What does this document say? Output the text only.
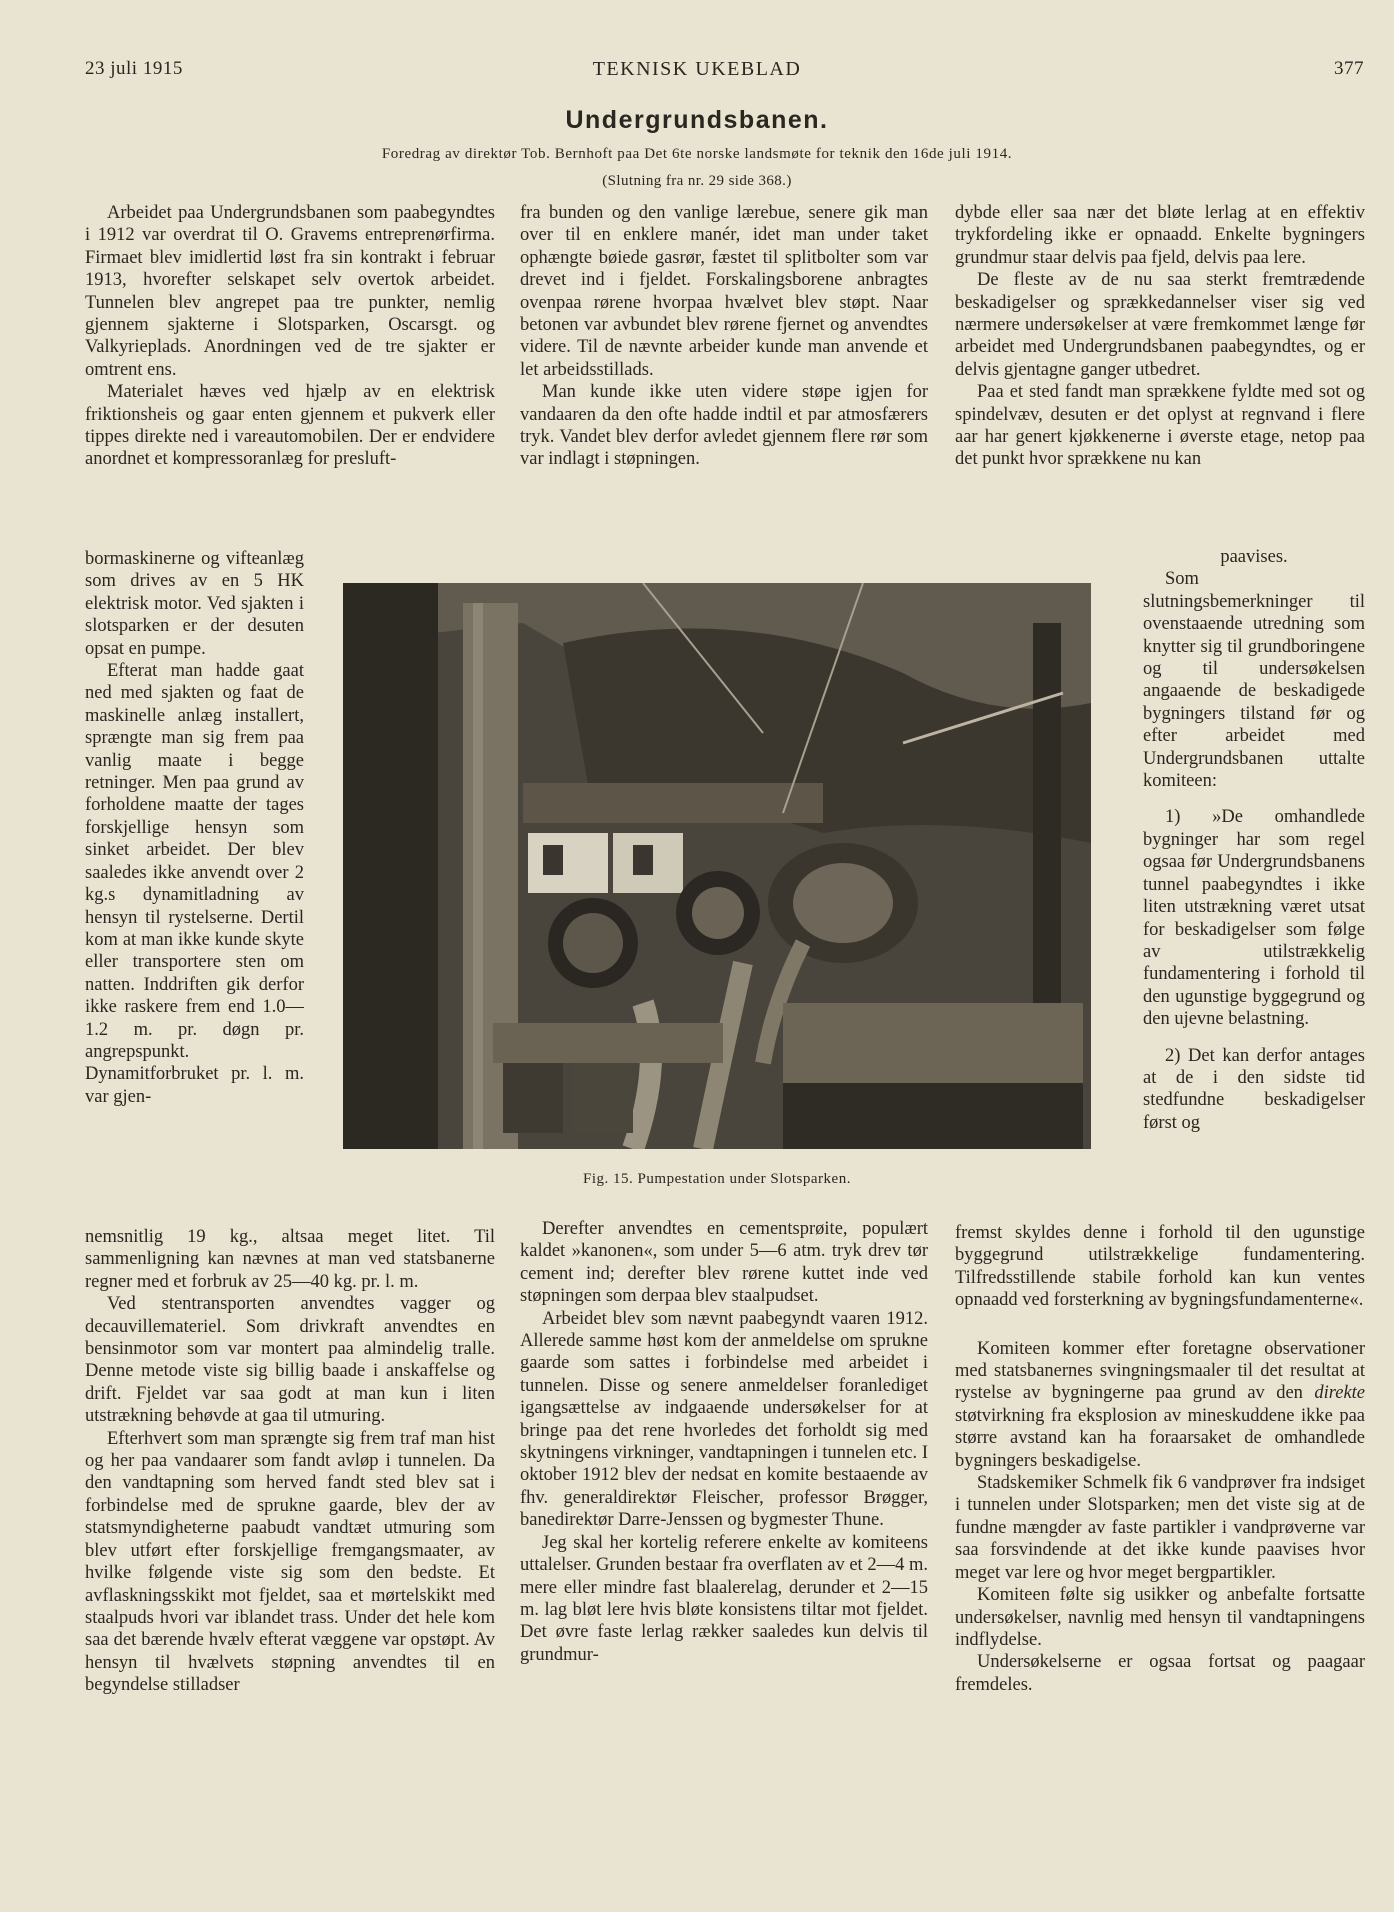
23 juli 1915	TEKNISK UKEBLAD	377
Undergrundsbanen.
Foredrag av direktør Tob. Bernhoft paa Det 6te norske landsmøte for teknik den 16de juli 1914.
(Slutning fra nr. 29 side 368.)

Arbeidet paa Undergrundsbanen som paabegyndtes i 1912 var overdrat til O. Gravems entreprenørfirma. Firmaet blev imidlertid løst fra sin kontrakt i februar 1913, hvorefter selskapet selv overtok arbeidet. Tunnelen blev angrepet paa tre punkter, nemlig gjennem sjakterne i Slotsparken, Oscarsgt. og Valkyrieplads. Anordningen ved de tre sjakter er omtrent ens.

Materialet hæves ved hjælp av en elektrisk friktionsheis og gaar enten gjennem et pukverk eller tippes direkte ned i vareautomobilen. Der er endvidere anordnet et kompressoranlæg for presluft-

bormaskinerne og vifteanlæg som drives av en 5 HK elektrisk motor. Ved sjakten i slotsparken er der desuten opsat en pumpe.

Efterat man hadde gaat ned med sjakten og faat de maskinelle anlæg installert, sprængte man sig frem paa vanlig maate i begge retninger. Men paa grund av forholdene maatte der tages forskjellige hensyn som sinket arbeidet. Der blev saaledes ikke anvendt over 2 kg.s dynamitladning av hensyn til rystelserne. Dertil kom at man ikke kunde skyte eller transportere sten om natten. Inddriften gik derfor ikke raskere frem end 1.0—1.2 m. pr. døgn pr. angrepspunkt. Dynamitforbruket pr. l. m. var gjen-

nemsnitlig 19 kg., altsaa meget litet. Til sammenligning kan nævnes at man ved statsbanerne regner med et forbruk av 25—40 kg. pr. l. m.

Ved stentransporten anvendtes vagger og decauvillemateriel. Som drivkraft anvendtes en bensinmotor som var montert paa almindelig tralle. Denne metode viste sig billig baade i anskaffelse og drift. Fjeldet var saa godt at man kun i liten utstrækning behøvde at gaa til utmuring.

Efterhvert som man sprængte sig frem traf man hist og her paa vandaarer som fandt avløp i tunnelen. Da den vandtapning som herved fandt sted blev sat i forbindelse med de sprukne gaarde, blev der av statsmyndigheterne paabudt vandtæt utmuring som blev utført efter forskjellige fremgangsmaater, av hvilke følgende viste sig som den bedste. Et avflaskningsskikt mot fjeldet, saa et mørtelskikt med staalpuds hvori var iblandet trass. Under det hele kom saa det bærende hvælv efterat væggene var opstøpt. Av hensyn til hvælvets støpning anvendtes til en begyndelse stilladser

fra bunden og den vanlige lærebue, senere gik man over til en enklere manér, idet man under taket ophængte bøiede gasrør, fæstet til splitbolter som var drevet ind i fjeldet. Forskalingsborene anbragtes ovenpaa rørene hvorpaa hvælvet blev støpt. Naar betonen var avbundet blev rørene fjernet og anvendtes videre. Til de nævnte arbeider kunde man anvende et let arbeidsstillads.

Man kunde ikke uten videre støpe igjen for vandaaren da den ofte hadde indtil et par atmosfærers tryk. Vandet blev derfor avledet gjennem flere rør som var indlagt i støpningen.

Derefter anvendtes en cementsprøite, populært kaldet »kanonen«, som under 5—6 atm. tryk drev tør cement ind; derefter blev rørene kuttet inde ved støpningen som derpaa blev staalpudset.

Arbeidet blev som nævnt paabegyndt vaaren 1912. Allerede samme høst kom der anmeldelse om sprukne gaarde som sattes i forbindelse med arbeidet i tunnelen. Disse og senere anmeldelser foranlediget igangsættelse av indgaaende undersøkelser for at bringe paa det rene hvorledes det forholdt sig med skytningens virkninger, vandtapningen i tunnelen etc. I oktober 1912 blev der nedsat en komite bestaaende av fhv. generaldirektør Fleischer, professor Brøgger, banedirektør Darre-Jenssen og bygmester Thune.

Jeg skal her kortelig referere enkelte av komiteens uttalelser. Grunden bestaar fra overflaten av et 2—4 m. mere eller mindre fast blaalerelag, derunder et 2—15 m. lag bløt lere hvis bløte konsistens tiltar mot fjeldet. Det øvre faste lerlag rækker saaledes kun delvis til grundmur-

dybde eller saa nær det bløte lerlag at en effektiv trykfordeling ikke er opnaadd. Enkelte bygningers grundmur staar delvis paa fjeld, delvis paa lere.

De fleste av de nu saa sterkt fremtrædende beskadigelser og sprækkedannelser viser sig ved nærmere undersøkelser at være fremkommet længe før arbeidet med Undergrundsbanen paabegyndtes, og er delvis gjentagne ganger utbedret.

Paa et sted fandt man sprækkene fyldte med sot og spindelvæv, desuten er det oplyst at regnvand i flere aar har genert kjøkkenerne i øverste etage, netop paa det punkt hvor sprækkene nu kan

paavises.

Som slutningsbemerkninger til ovenstaaende utredning som knytter sig til grundboringene og til undersøkelsen angaaende de beskadigede bygningers tilstand før og efter arbeidet med Undergrundsbanen uttalte komiteen:

1) »De omhandlede bygninger har som regel ogsaa før Undergrundsbanens tunnel paabegyndtes i ikke liten utstrækning været utsat for beskadigelser som følge av utilstrækkelig fundamentering i forhold til den ugunstige byggegrund og den ujevne belastning.

2) Det kan derfor antages at de i den sidste tid stedfundne beskadigelser først og

fremst skyldes denne i forhold til den ugunstige byggegrund utilstrækkelige fundamentering. Tilfredsstillende stabile forhold kan kun ventes opnaadd ved forsterkning av bygningsfundamenterne«.

Komiteen kommer efter foretagne observationer med statsbanernes svingningsmaaler til det resultat at rystelse av bygningerne paa grund av den direkte støtvirkning fra eksplosion av mineskuddene ikke paa større avstand kan ha foraarsaket de omhandlede bygningers beskadigelse.

Stadskemiker Schmelk fik 6 vandprøver fra indsiget i tunnelen under Slotsparken; men det viste sig at de fundne mængder av faste partikler i vandprøverne var saa forsvindende at det ikke kunde paavises hvor meget var lere og hvor meget bergpartikler.

Komiteen følte sig usikker og anbefalte fortsatte undersøkelser, navnlig med hensyn til vandtapningens indflydelse.

Undersøkelserne er ogsaa fortsat og paagaar fremdeles.

Fig. 15. Pumpestation under Slotsparken.
